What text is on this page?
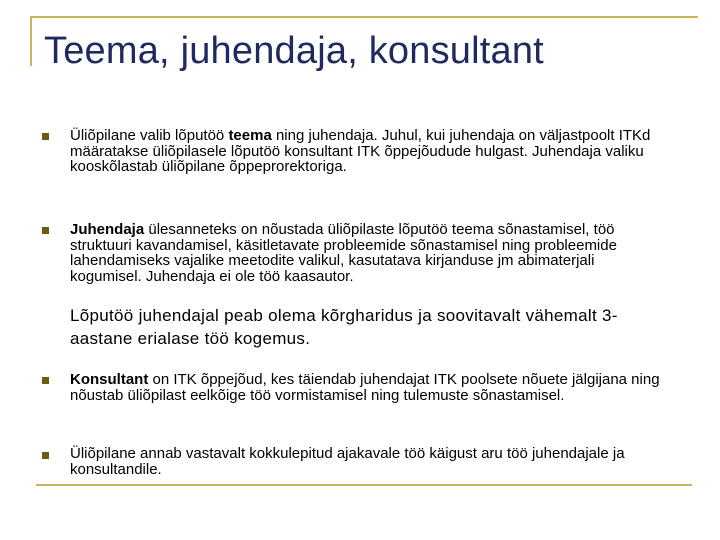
Teema, juhendaja, konsultant

Üliõpilane valib lõputöö teema ning juhendaja. Juhul, kui juhendaja on väljastpoolt ITKd määratakse üliõpilasele lõputöö konsultant ITK õppejõudude hulgast. Juhendaja valiku kooskõlastab üliõpilane õppeprorektoriga.

Juhendaja ülesanneteks on nõustada üliõpilaste lõputöö teema sõnastamisel, töö struktuuri kavandamisel, käsitletavate probleemide sõnastamisel ning probleemide lahendamiseks vajalike meetodite valikul, kasutatava kirjanduse jm abimaterjali kogumisel. Juhendaja ei ole töö kaasautor.

Lõputöö juhendajal peab olema kõrgharidus ja soovitavalt vähemalt 3-aastane erialase töö kogemus.

Konsultant on ITK õppejõud, kes täiendab juhendajat ITK poolsete nõuete jälgijana ning nõustab üliõpilast eelkõige töö vormistamisel ning tulemuste sõnastamisel.

Üliõpilane annab vastavalt kokkulepitud ajakavale töö käigust aru töö juhendajale ja konsultandile.
